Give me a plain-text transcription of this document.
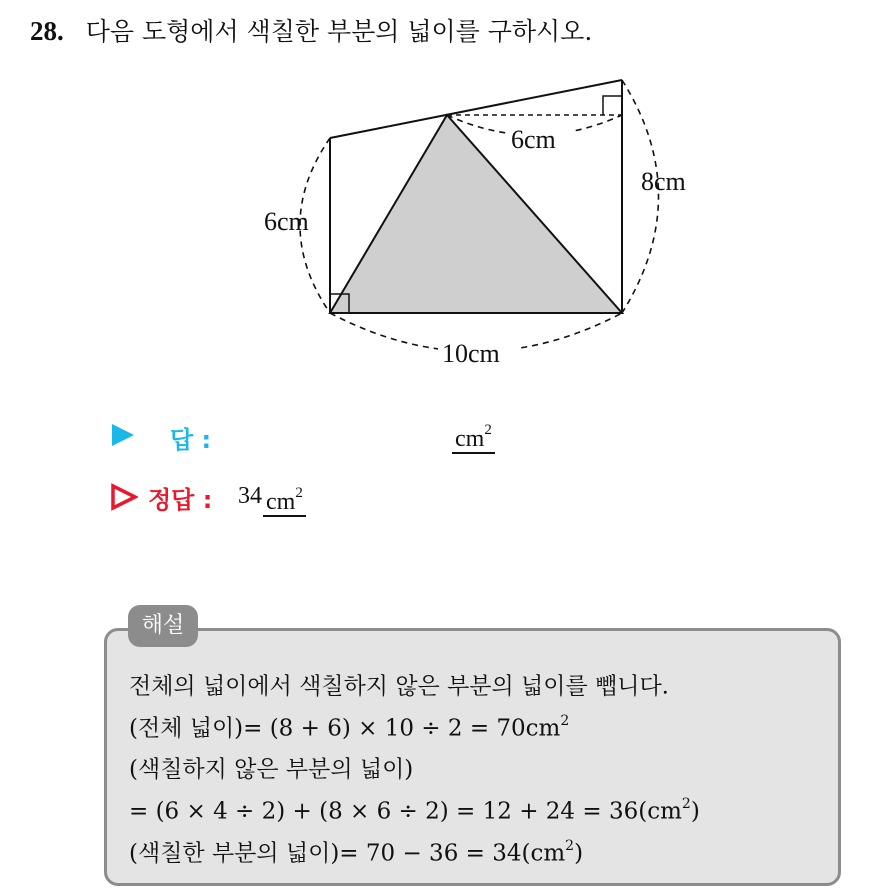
28. 다음 도형에서 색칠한 부분의 넓이를 구하시오.
6cm
6cm
8cm
10cm
답 :	$cm^2$
정답 : 34 $cm^2$
해설
전체의 넓이에서 색칠하지 않은 부분의 넓이를 뺍니다.
(전체 넓이)= $(8 + 6) \times 10 \div 2 = 70cm^2$
(색칠하지 않은 부분의 넓이)
= $(6 \times 4 \div 2) + (8 \times 6 \div 2) = 12 + 24 = 36(cm^2)$
(색칠한 부분의 넓이)= $70 - 36 = 34(cm^2)$
